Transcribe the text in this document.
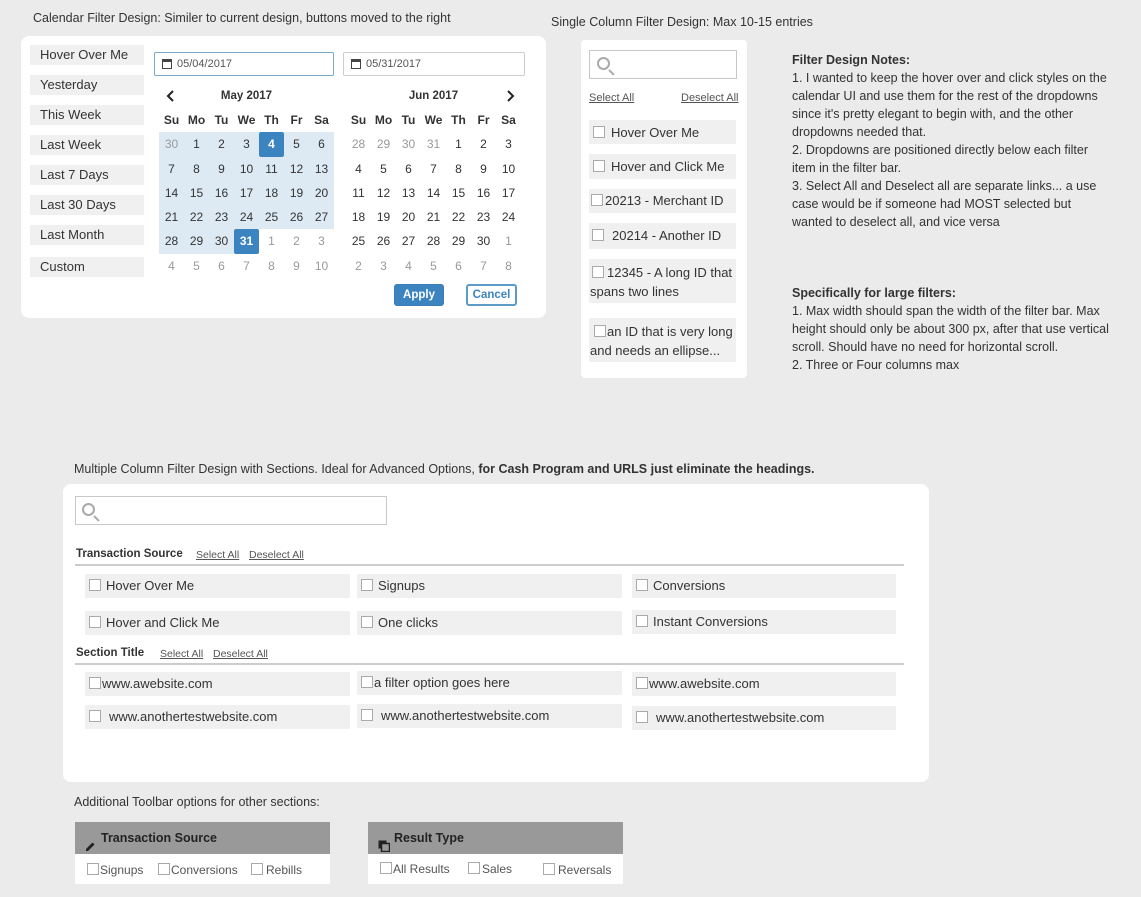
Calendar Filter Design: Similer to current design, buttons moved to the right
Hover Over Me
Yesterday
This Week
Last Week
Last 7 Days
Last 30 Days
Last Month
Custom
05/04/2017	05/31/2017
May 2017	Jun 2017
Su Mo Tu We Th Fr Sa
30	1	2	3	4	5	6
7	8	9	10	11	12 13
14 15 16 17 18 19 20
21 22 23 24 25 26 27
28 29 30 31	1	2	3
4	5	6	7	8	9	10
Su Mo Tu We Th Fr Sa
28 29 30 31	1	2	3
4	5	6	7	8	9	10
11	12 13 14 15 16 17
18 19 20 21 22 23 24
25 26 27 28 29 30	1
2	3	4	5	6	7	8
Apply	Cancel
Single Column Filter Design: Max 10-15 entries
Select All	Deselect All
Hover Over Me
Hover and Click Me
20213 - Merchant ID
20214 - Another ID
12345 - A long ID that
spans two lines
an ID that is very long
and needs an ellipse...
Filter Design Notes:
1. I wanted to keep the hover over and click styles on the
calendar UI and use them for the rest of the dropdowns
since it's pretty elegant to begin with, and the other
dropdowns needed that.
2. Dropdowns are positioned directly below each filter
item in the filter bar.
3. Select All and Deselect all are separate links... a use
case would be if someone had MOST selected but
wanted to deselect all, and vice versa
Specifically for large filters:
1. Max width should span the width of the filter bar. Max
height should only be about 300 px, after that use vertical
scroll. Should have no need for horizontal scroll.
2. Three or Four columns max
Multiple Column Filter Design with Sections. Ideal for Advanced Options, for Cash Program and URLS just eliminate the headings.
Transaction Source Select All Deselect All
Hover Over Me	Signups	Conversions
Hover and Click Me	One clicks	Instant Conversions
Section Title Select All Deselect All
www.awebsite.com	a filter option goes here	www.awebsite.com
www.anothertestwebsite.com	www.anothertestwebsite.com	www.anothertestwebsite.com
Additional Toolbar options for other sections:
Transaction Source
Signups	Conversions	Rebills
Result Type
All Results	Sales	Reversals
